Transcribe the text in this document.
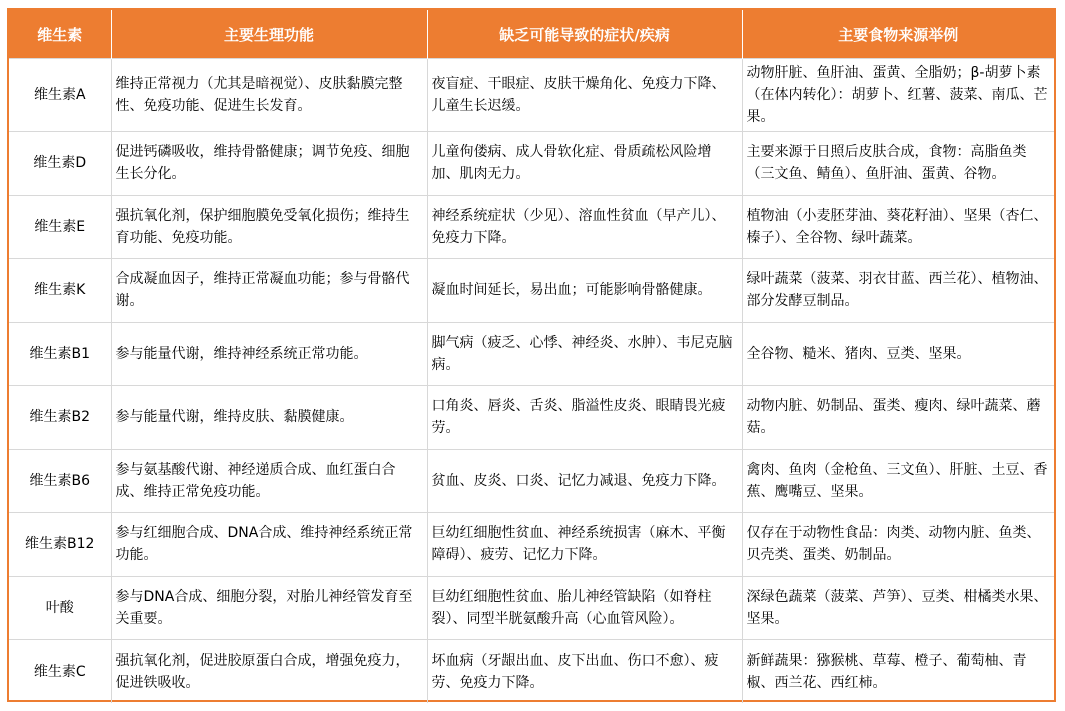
维生素	主要生理功能	缺乏可能导致的症状/疾病	主要食物来源举例
维生素A	维持正常视力（尤其是暗视觉）、皮肤黏膜完整性、免疫功能、促进生长发育。	夜盲症、干眼症、皮肤干燥角化、免疫力下降、儿童生长迟缓。	动物肝脏、鱼肝油、蛋黄、全脂奶；β-胡萝卜素（在体内转化）：胡萝卜、红薯、菠菜、南瓜、芒果。
维生素D	促进钙磷吸收，维持骨骼健康；调节免疫、细胞生长分化。	儿童佝偻病、成人骨软化症、骨质疏松风险增加、肌肉无力。	主要来源于日照后皮肤合成，食物：高脂鱼类（三文鱼、鲭鱼）、鱼肝油、蛋黄、谷物。
维生素E	强抗氧化剂，保护细胞膜免受氧化损伤；维持生育功能、免疫功能。	神经系统症状（少见）、溶血性贫血（早产儿）、免疫力下降。	植物油（小麦胚芽油、葵花籽油）、坚果（杏仁、榛子）、全谷物、绿叶蔬菜。
维生素K	合成凝血因子，维持正常凝血功能；参与骨骼代谢。	凝血时间延长，易出血；可能影响骨骼健康。	绿叶蔬菜（菠菜、羽衣甘蓝、西兰花）、植物油、部分发酵豆制品。
维生素B1	参与能量代谢，维持神经系统正常功能。	脚气病（疲乏、心悸、神经炎、水肿）、韦尼克脑病。	全谷物、糙米、猪肉、豆类、坚果。
维生素B2	参与能量代谢，维持皮肤、黏膜健康。	口角炎、唇炎、舌炎、脂溢性皮炎、眼睛畏光疲劳。	动物内脏、奶制品、蛋类、瘦肉、绿叶蔬菜、蘑菇。
维生素B6	参与氨基酸代谢、神经递质合成、血红蛋白合成、维持正常免疫功能。	贫血、皮炎、口炎、记忆力减退、免疫力下降。	禽肉、鱼肉（金枪鱼、三文鱼）、肝脏、土豆、香蕉、鹰嘴豆、坚果。
维生素B12	参与红细胞合成、DNA合成、维持神经系统正常功能。	巨幼红细胞性贫血、神经系统损害（麻木、平衡障碍）、疲劳、记忆力下降。	仅存在于动物性食品：肉类、动物内脏、鱼类、贝壳类、蛋类、奶制品。
叶酸	参与DNA合成、细胞分裂，对胎儿神经管发育至关重要。	巨幼红细胞性贫血、胎儿神经管缺陷（如脊柱裂）、同型半胱氨酸升高（心血管风险）。	深绿色蔬菜（菠菜、芦笋）、豆类、柑橘类水果、坚果。
维生素C	强抗氧化剂，促进胶原蛋白合成，增强免疫力，促进铁吸收。	坏血病（牙龈出血、皮下出血、伤口不愈）、疲劳、免疫力下降。	新鲜蔬果：猕猴桃、草莓、橙子、葡萄柚、青椒、西兰花、西红柿。
